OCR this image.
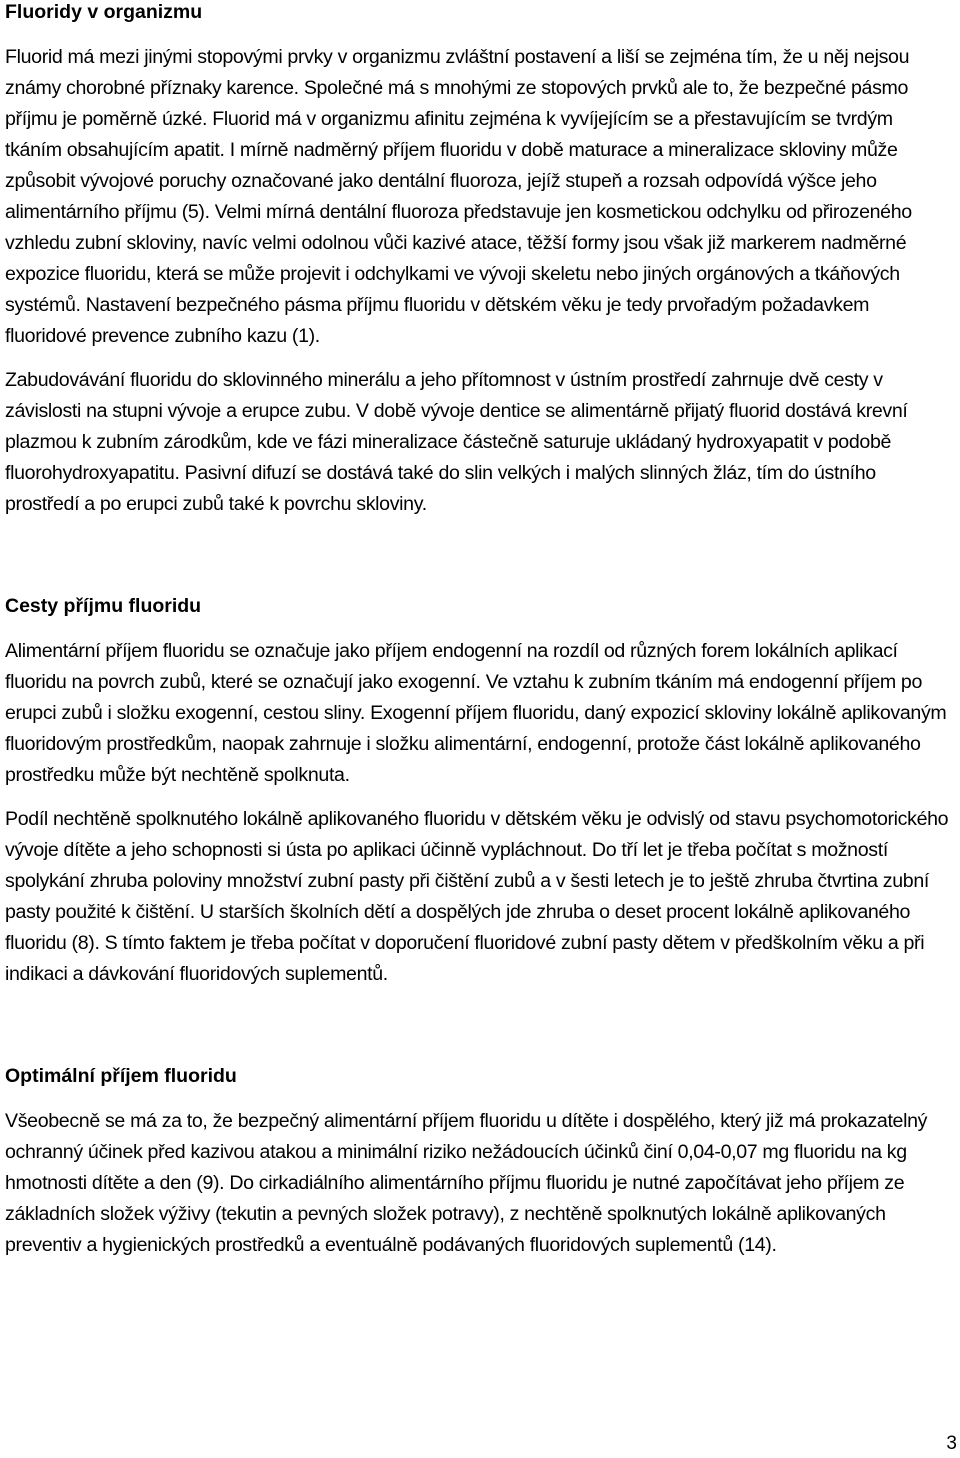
Fluoridy v organizmu

Fluorid má mezi jinými stopovými prvky v organizmu zvláštní postavení a liší se zejména tím, že u něj nejsou známy chorobné příznaky karence. Společné má s mnohými ze stopových prvků ale to, že bezpečné pásmo příjmu je poměrně úzké. Fluorid má v organizmu afinitu zejména k vyvíjejícím se a přestavujícím se tvrdým tkáním obsahujícím apatit. I mírně nadměrný příjem fluoridu v době maturace a mineralizace skloviny může způsobit vývojové poruchy označované jako dentální fluoroza, jejíž stupeň a rozsah odpovídá výšce jeho alimentárního příjmu (5). Velmi mírná dentální fluoroza představuje jen kosmetickou odchylku od přirozeného vzhledu zubní skloviny, navíc velmi odolnou vůči kazivé atace, těžší formy jsou však již markerem nadměrné expozice fluoridu, která se může projevit i odchylkami ve vývoji skeletu nebo jiných orgánových a tkáňových systémů. Nastavení bezpečného pásma příjmu fluoridu v dětském věku je tedy prvořadým požadavkem fluoridové prevence zubního kazu (1).

Zabudovávání fluoridu do sklovinného minerálu a jeho přítomnost v ústním prostředí zahrnuje dvě cesty v závislosti na stupni vývoje a erupce zubu. V době vývoje dentice se alimentárně přijatý fluorid dostává krevní plazmou k zubním zárodkům, kde ve fázi mineralizace částečně saturuje ukládaný hydroxyapatit v podobě fluorohydroxyapatitu. Pasivní difuzí se dostává také do slin velkých i malých slinných žláz, tím do ústního prostředí a po erupci zubů také k povrchu skloviny.

Cesty příjmu fluoridu

Alimentární příjem fluoridu se označuje jako příjem endogenní na rozdíl od různých forem lokálních aplikací fluoridu na povrch zubů, které se označují jako exogenní. Ve vztahu k zubním tkáním má endogenní příjem po erupci zubů i složku exogenní, cestou sliny. Exogenní příjem fluoridu, daný expozicí skloviny lokálně aplikovaným fluoridovým prostředkům, naopak zahrnuje i složku alimentární, endogenní, protože část lokálně aplikovaného prostředku může být nechtěně spolknuta.

Podíl nechtěně spolknutého lokálně aplikovaného fluoridu v dětském věku je odvislý od stavu psychomotorického vývoje dítěte a jeho schopnosti si ústa po aplikaci účinně vypláchnout. Do tří let je třeba počítat s možností spolykání zhruba poloviny množství zubní pasty při čištění zubů a v šesti letech je to ještě zhruba čtvrtina zubní pasty použité k čištění. U starších školních dětí a dospělých jde zhruba o deset procent lokálně aplikovaného fluoridu (8). S tímto faktem je třeba počítat v doporučení fluoridové zubní pasty dětem v předškolním věku a při indikaci a dávkování fluoridových suplementů.

Optimální příjem fluoridu

Všeobecně se má za to, že bezpečný alimentární příjem fluoridu u dítěte i dospělého, který již má prokazatelný ochranný účinek před kazivou atakou a minimální riziko nežádoucích účinků činí 0,04-0,07 mg fluoridu na kg hmotnosti dítěte a den (9). Do cirkadiálního alimentárního příjmu fluoridu je nutné započítávat jeho příjem ze základních složek výživy (tekutin a pevných složek potravy), z nechtěně spolknutých lokálně aplikovaných preventiv a hygienických prostředků a eventuálně podávaných fluoridových suplementů (14).

3
